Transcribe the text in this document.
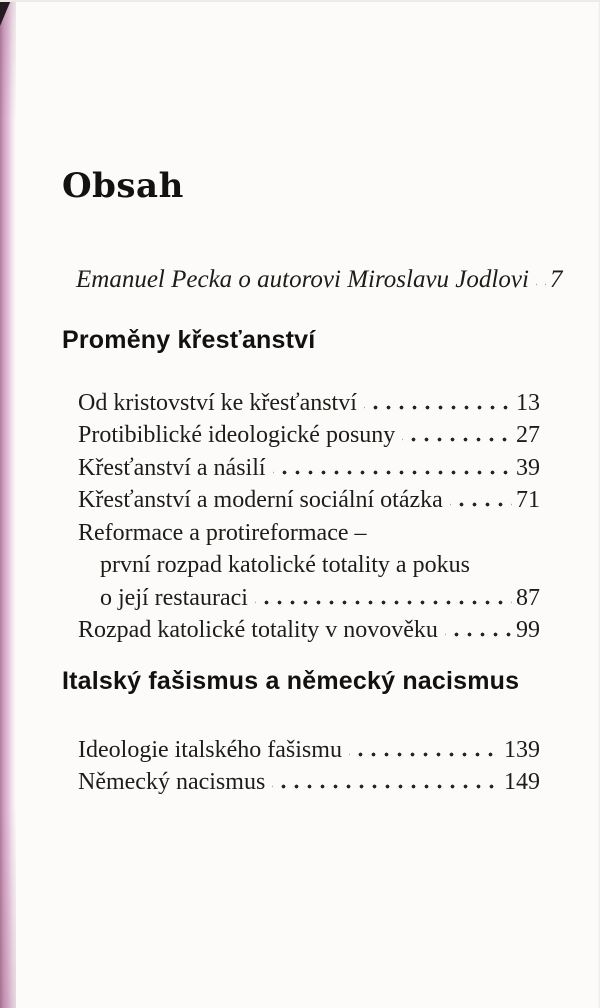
Obsah
Emanuel Pecka o autorovi Miroslavu Jodlovi 7
Proměny křesťanství
Od kristovství ke křesťanství	13
Protibiblické ideologické posuny	27
Křesťanství a násilí	39
Křesťanství a moderní sociální otázka	71
Reformace a protireformace –
první rozpad katolické totality a pokus
o její restauraci	87
Rozpad katolické totality v novověku	99
Italský fašismus a německý nacismus
Ideologie italského fašismu	139
Německý nacismus	149
